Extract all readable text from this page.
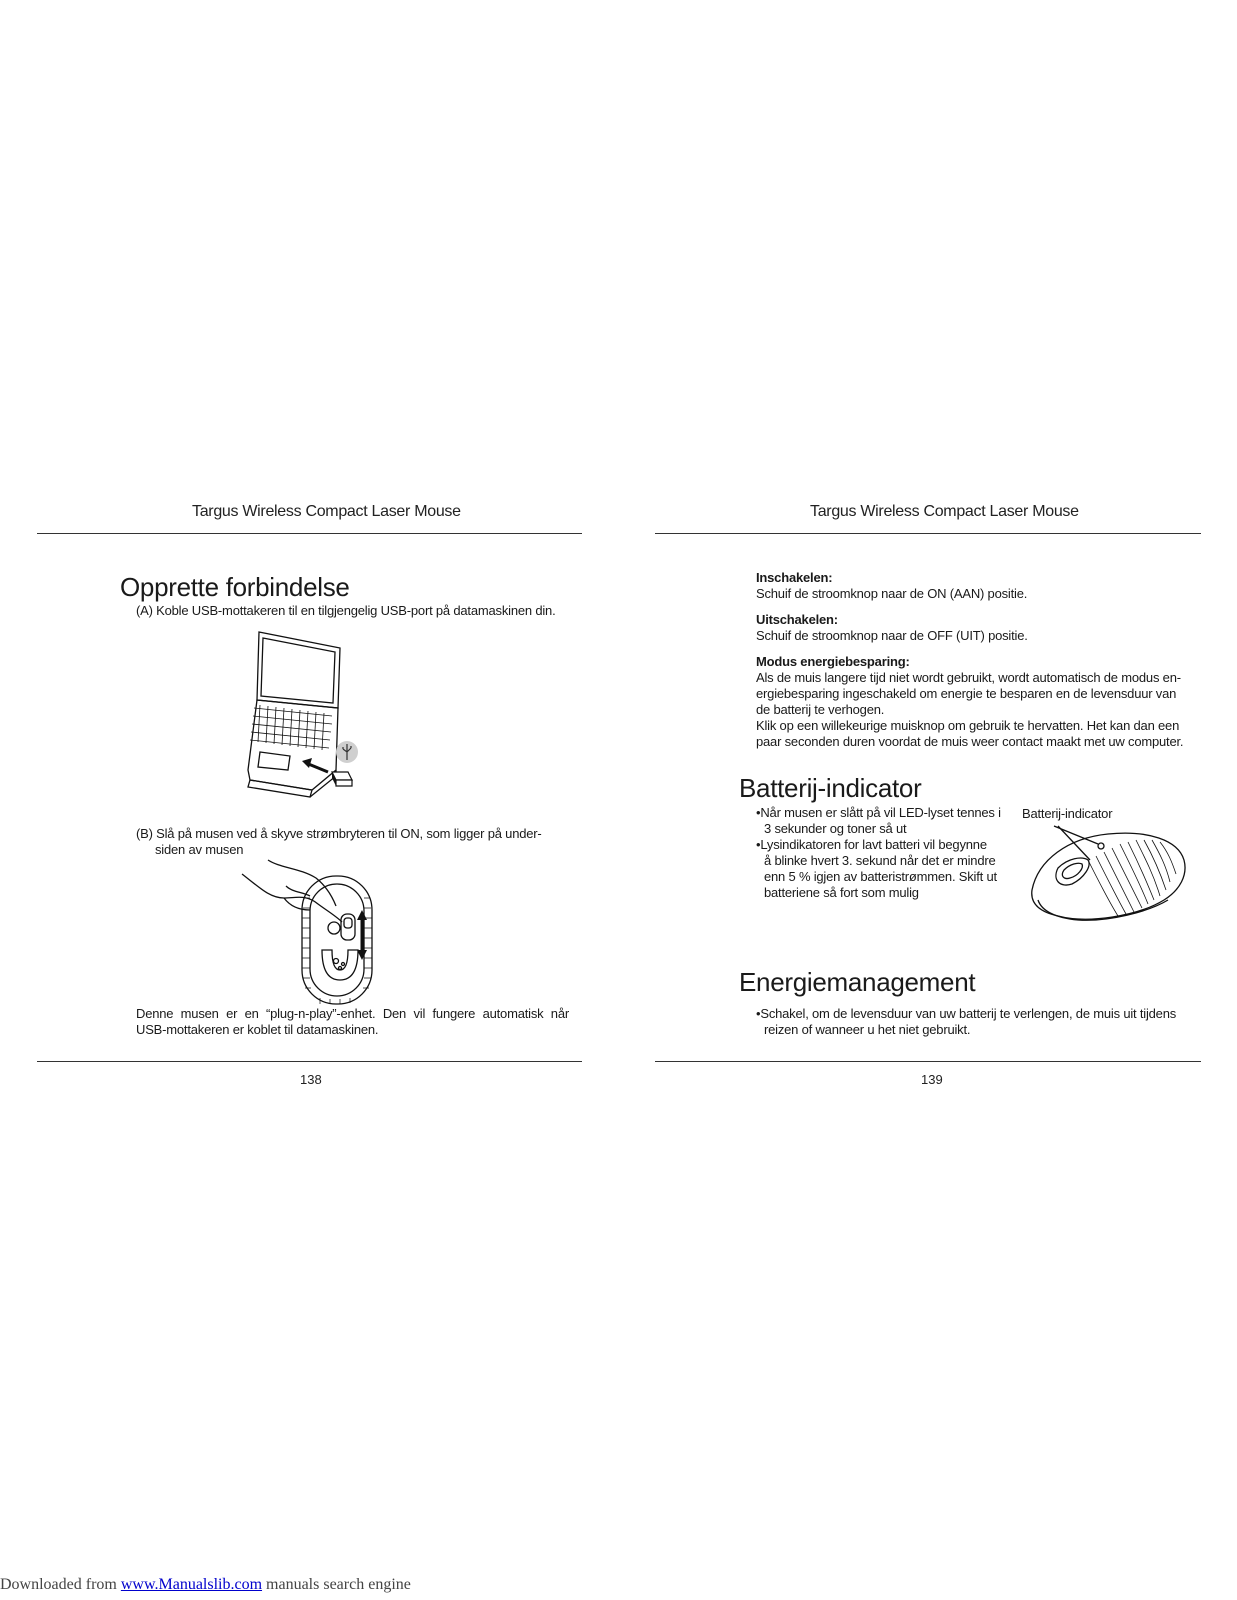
Targus Wireless Compact Laser Mouse
Opprette forbindelse
(A) Koble USB-mottakeren til en tilgjengelig USB-port på datamaskinen din.
(B) Slå på musen ved å skyve strømbryteren til ON, som ligger på under-
siden av musen
Denne musen er en “plug-n-play”-enhet. Den vil fungere automatisk når
USB-mottakeren er koblet til datamaskinen.
138
Targus Wireless Compact Laser Mouse
Inschakelen:
Schuif de stroomknop naar de ON (AAN) positie.
Uitschakelen:
Schuif de stroomknop naar de OFF (UIT) positie.
Modus energiebesparing:
Als de muis langere tijd niet wordt gebruikt, wordt automatisch de modus en-
ergiebesparing ingeschakeld om energie te besparen en de levensduur van
de batterij te verhogen.
Klik op een willekeurige muisknop om gebruik te hervatten. Het kan dan een
paar seconden duren voordat de muis weer contact maakt met uw computer.
Batterij-indicator
•Når musen er slått på vil LED-lyset tennes i
3 sekunder og toner så ut
•Lysindikatoren for lavt batteri vil begynne
å blinke hvert 3. sekund når det er mindre
enn 5 % igjen av batteristrømmen. Skift ut
batteriene så fort som mulig
Batterij-indicator
Energiemanagement
•Schakel, om de levensduur van uw batterij te verlengen, de muis uit tijdens
reizen of wanneer u het niet gebruikt.
139
Downloaded from www.Manualslib.com manuals search engine
